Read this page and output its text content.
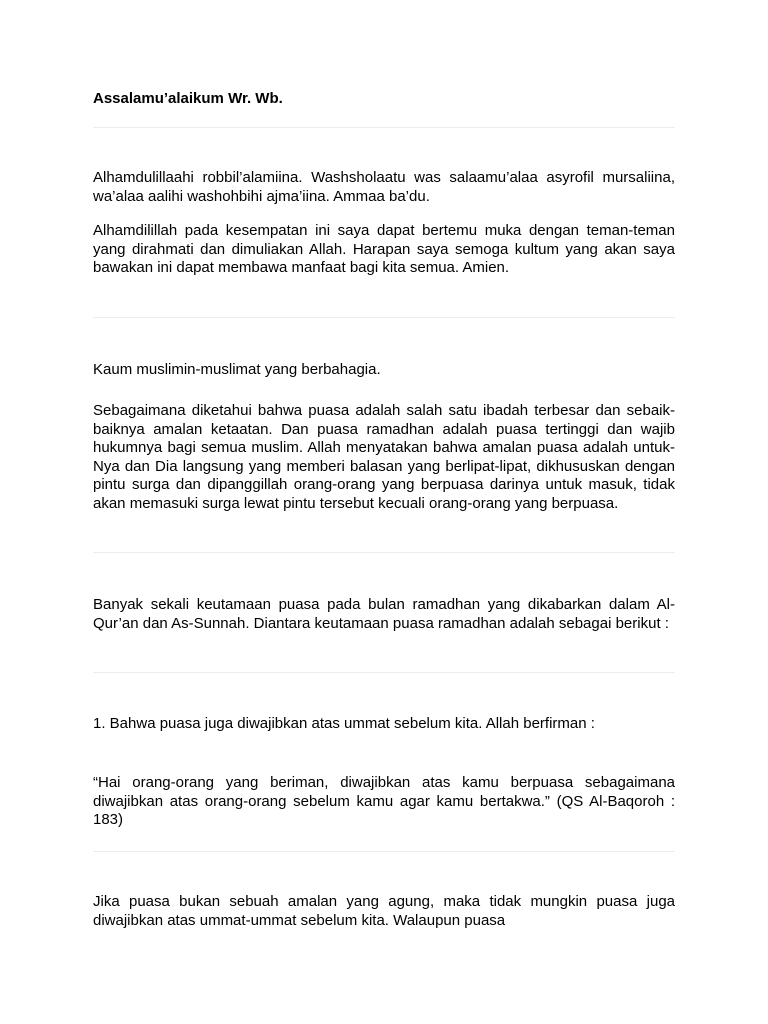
Assalamu’alaikum Wr. Wb.

Alhamdulillaahi robbil’alamiina. Washsholaatu was salaamu’alaa asyrofil mursaliina, wa’alaa aalihi washohbihi ajma’iina. Ammaa ba’du.

Alhamdilillah pada kesempatan ini saya dapat bertemu muka dengan teman-teman yang dirahmati dan dimuliakan Allah. Harapan saya semoga kultum yang akan saya bawakan ini dapat membawa manfaat bagi kita semua. Amien.

Kaum muslimin-muslimat yang berbahagia.

Sebagaimana diketahui bahwa puasa adalah salah satu ibadah terbesar dan sebaik-baiknya amalan ketaatan. Dan puasa ramadhan adalah puasa tertinggi dan wajib hukumnya bagi semua muslim. Allah menyatakan bahwa amalan puasa adalah untuk-Nya dan Dia langsung yang memberi balasan yang berlipat-lipat, dikhususkan dengan pintu surga dan dipanggillah orang-orang yang berpuasa darinya untuk masuk, tidak akan memasuki surga lewat pintu tersebut kecuali orang-orang yang berpuasa.

Banyak sekali keutamaan puasa pada bulan ramadhan yang dikabarkan dalam Al-Qur’an dan As-Sunnah. Diantara keutamaan puasa ramadhan adalah sebagai berikut :

1. Bahwa puasa juga diwajibkan atas ummat sebelum kita. Allah berfirman :

“Hai orang-orang yang beriman, diwajibkan atas kamu berpuasa sebagaimana diwajibkan atas orang-orang sebelum kamu agar kamu bertakwa.” (QS Al-Baqoroh : 183)

Jika puasa bukan sebuah amalan yang agung, maka tidak mungkin puasa juga diwajibkan atas ummat-ummat sebelum kita. Walaupun puasa
